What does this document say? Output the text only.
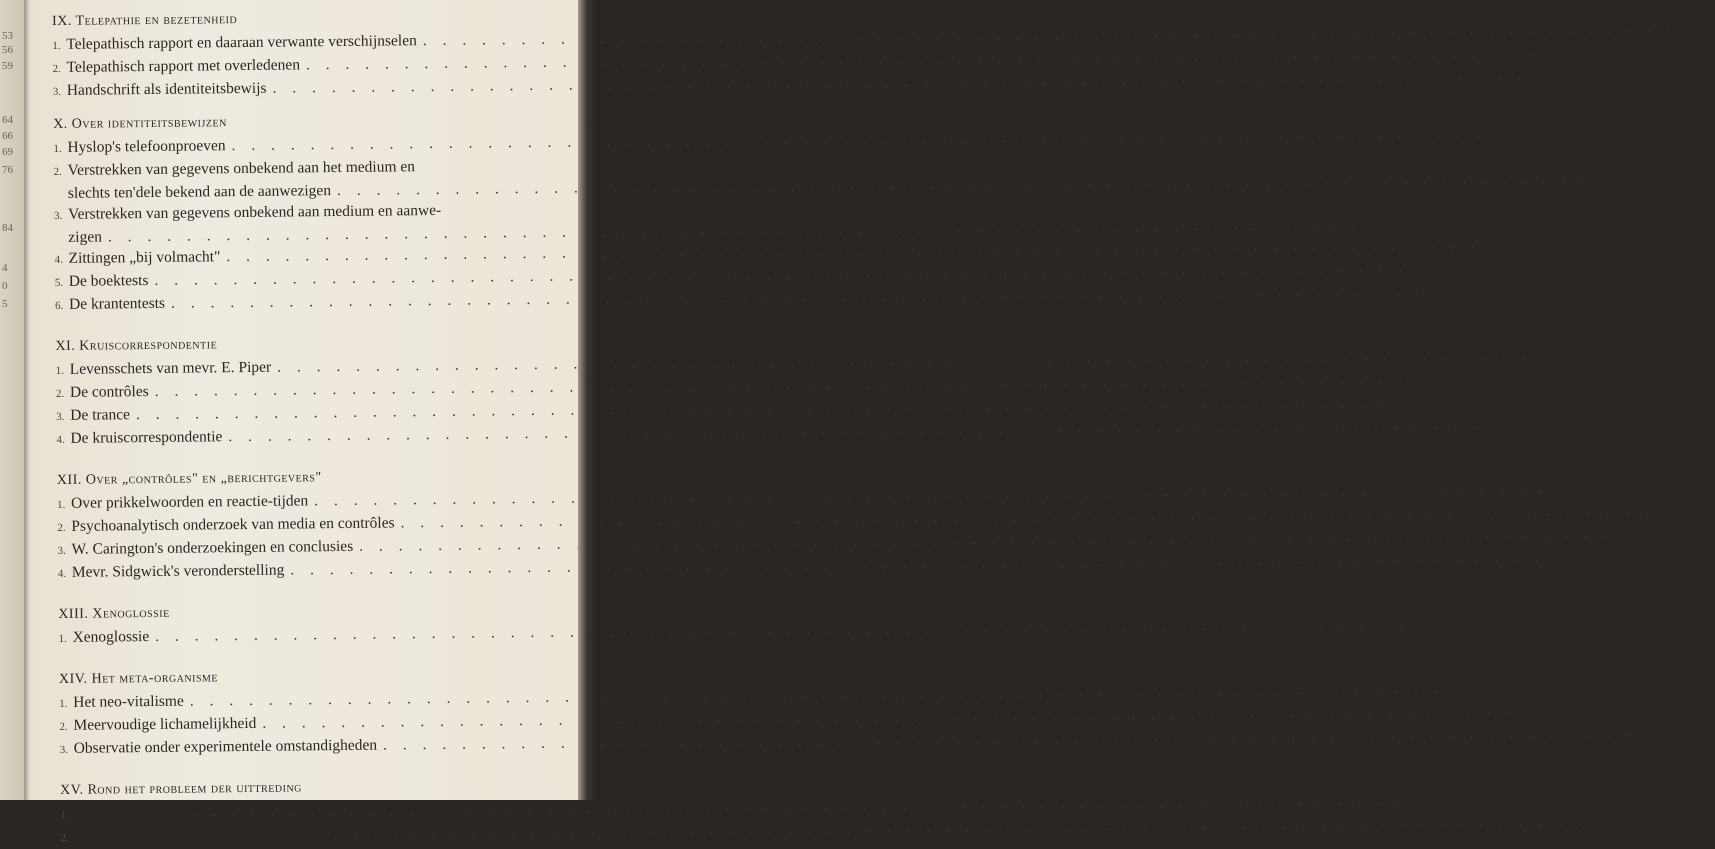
53
56
59
64
66
69
76
84
4
0
5
IX. Telepathie en bezetenheid
1. Telepathisch rapport en daaraan verwante verschijnselen
. . .
156
2. Telepathisch rapport met overledenen
. . .
168
3. Handschrift als identiteitsbewijs
. . .
172
X. Over identiteitsbewijzen
1. Hyslop's telefoonproeven
. . .
176
2. Verstrekken van gegevens onbekend aan het medium en
slechts ten'dele bekend aan de aanwezigen
. . .
178
3. Verstrekken van gegevens onbekend aan medium en aanwe-
zigen
. . .
185
4. Zittingen „bij volmacht"
. . .
187
5. De boektests
. . .
195
6. De krantentests
. . .
198
XI. Kruiscorrespondentie
1. Levensschets van mevr. E. Piper
. . .
202
2. De contrôles
. . .
205
3. De trance
. . .
209
4. De kruiscorrespondentie
. . .
212
XII. Over „contrôles" en „berichtgevers"
1. Over prikkelwoorden en reactie-tijden
. . .
221
2. Psychoanalytisch onderzoek van media en contrôles
. . .
222
3. W. Carington's onderzoekingen en conclusies
. . .
224
4. Mevr. Sidgwick's veronderstelling
. . .
227
XIII. Xenoglossie
1. Xenoglossie
. . .
232
XIV. Het meta-organisme
1. Het neo-vitalisme
. . .
237
2. Meervoudige lichamelijkheid
. . .
243
3. Observatie onder experimentele omstandigheden
. . .
246
XV. Rond het probleem der uittreding
1. „Uittredingen"
. . .
253
2. Pogingen om naar willekeur uit te treden
. . .
256
